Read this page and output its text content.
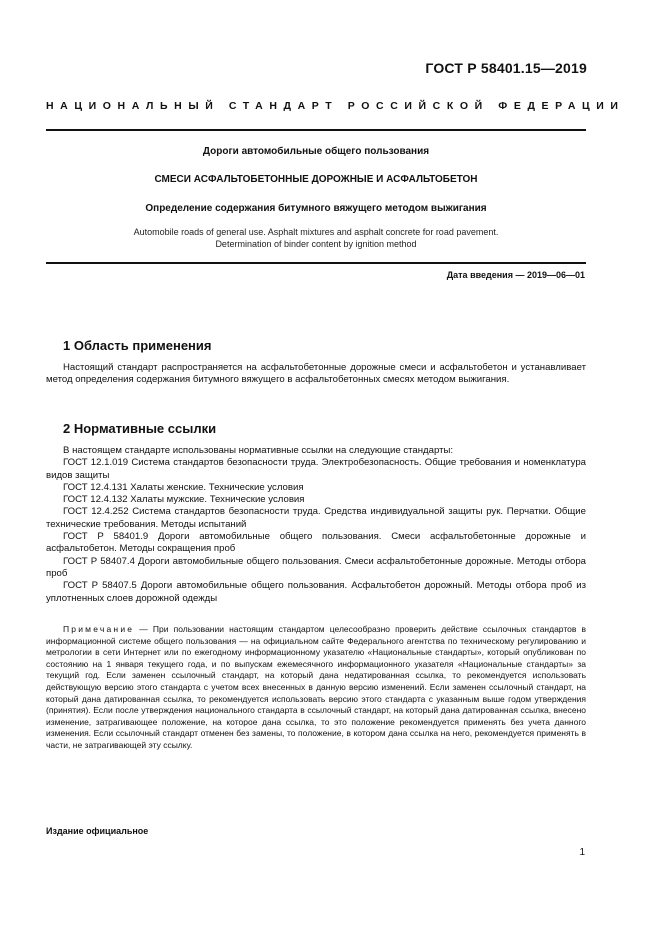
ГОСТ Р 58401.15—2019
НАЦИОНАЛЬНЫЙ СТАНДАРТ РОССИЙСКОЙ ФЕДЕРАЦИИ
Дороги автомобильные общего пользования
СМЕСИ АСФАЛЬТОБЕТОННЫЕ ДОРОЖНЫЕ И АСФАЛЬТОБЕТОН
Определение содержания битумного вяжущего методом выжигания
Automobile roads of general use. Asphalt mixtures and asphalt concrete for road pavement.
Determination of binder content by ignition method
Дата введения — 2019—06—01
1 Область применения
Настоящий стандарт распространяется на асфальтобетонные дорожные смеси и асфальтобетон и устанавливает метод определения содержания битумного вяжущего в асфальтобетонных смесях методом выжигания.
2 Нормативные ссылки
В настоящем стандарте использованы нормативные ссылки на следующие стандарты:
ГОСТ 12.1.019 Система стандартов безопасности труда. Электробезопасность. Общие требования и номенклатура видов защиты
ГОСТ 12.4.131 Халаты женские. Технические условия
ГОСТ 12.4.132 Халаты мужские. Технические условия
ГОСТ 12.4.252 Система стандартов безопасности труда. Средства индивидуальной защиты рук. Перчатки. Общие технические требования. Методы испытаний
ГОСТ Р 58401.9 Дороги автомобильные общего пользования. Смеси асфальтобетонные дорожные и асфальтобетон. Методы сокращения проб
ГОСТ Р 58407.4 Дороги автомобильные общего пользования. Смеси асфальтобетонные дорожные. Методы отбора проб
ГОСТ Р 58407.5 Дороги автомобильные общего пользования. Асфальтобетон дорожный. Методы отбора проб из уплотненных слоев дорожной одежды
Примечание — При пользовании настоящим стандартом целесообразно проверить действие ссылочных стандартов в информационной системе общего пользования — на официальном сайте Федерального агентства по техническому регулированию и метрологии в сети Интернет или по ежегодному информационному указателю «Национальные стандарты», который опубликован по состоянию на 1 января текущего года, и по выпускам ежемесячного информационного указателя «Национальные стандарты» за текущий год. Если заменен ссылочный стандарт, на который дана недатированная ссылка, то рекомендуется использовать действующую версию этого стандарта с учетом всех внесенных в данную версию изменений. Если заменен ссылочный стандарт, на который дана датированная ссылка, то рекомендуется использовать версию этого стандарта с указанным выше годом утверждения (принятия). Если после утверждения национального стандарта в ссылочный стандарт, на который дана датированная ссылка, внесено изменение, затрагивающее положение, на которое дана ссылка, то это положение рекомендуется применять без учета данного изменения. Если ссылочный стандарт отменен без замены, то положение, в котором дана ссылка на него, рекомендуется применять в части, не затрагивающей эту ссылку.
Издание официальное
1
